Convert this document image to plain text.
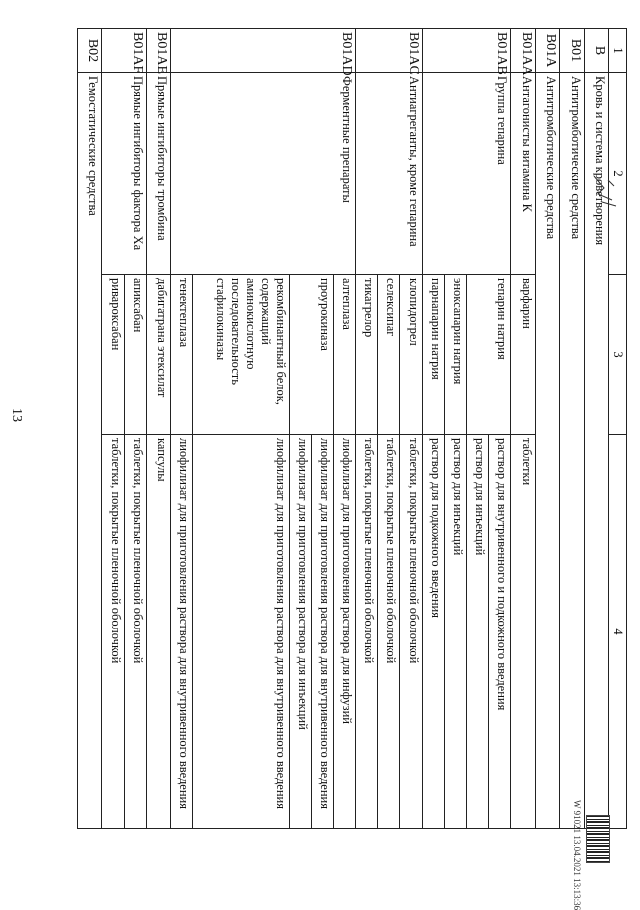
13
1	2	3	4
B	Кровь и система кроветворения		
B01	Антитромботические средства		
B01A	Антитромботические средства		
B01AA	Антагонисты витамина К	варфарин	таблетки
B01AB	Группа гепарина	гепарин натрия	раствор для внутривенного и подкожного введения
			раствор для инъекций
		эноксапарин натрия	раствор для инъекций
		парнапарин натрия	раствор для подкожного введения
B01AC	Антиагреганты, кроме гепарина	клопидогрел	таблетки, покрытые пленочной оболочкой
		селексипаг	таблетки, покрытые пленочной оболочкой
		тикагрелор	таблетки, покрытые пленочной оболочкой
B01AD	Ферментные препараты	алтеплаза	лиофилизат для приготовления раствора для инфузий
		проурокиназа	лиофилизат для приготовления раствора для внутривенного введения
			лиофилизат для приготовления раствора для инъекций
		рекомбинантный белок, содержащий аминокислотную последовательность стафилокиназы	лиофилизат для приготовления раствора для внутривенного введения
		тенектеплаза	лиофилизат для приготовления раствора для внутривенного введения
B01AE	Прямые ингибиторы тромбина	дабигатрана этексилат	капсулы
B01AF	Прямые ингибиторы фактора Xa	апиксабан	таблетки, покрытые пленочной оболочкой
		ривароксабан	таблетки, покрытые пленочной оболочкой
B02	Гемостатические средства		
W 91021 13.04.2021 13:13:36
